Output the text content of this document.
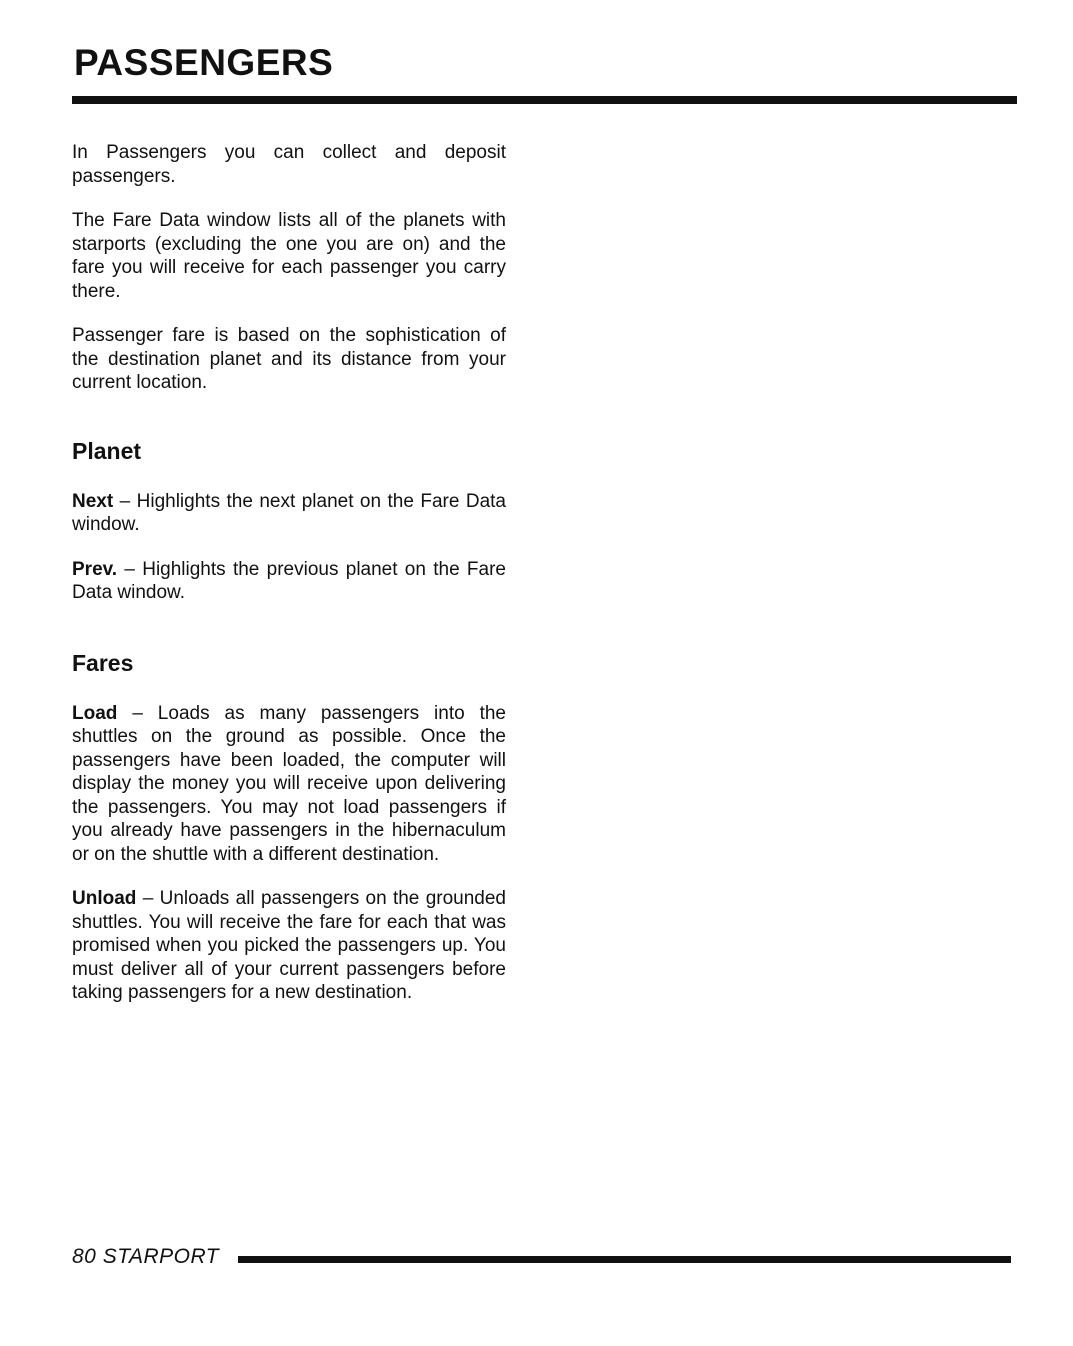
PASSENGERS

In Passengers you can collect and deposit passengers.

The Fare Data window lists all of the planets with starports (excluding the one you are on) and the fare you will receive for each passenger you carry there.

Passenger fare is based on the sophistication of the destination planet and its distance from your current location.

Planet

Next – Highlights the next planet on the Fare Data window.

Prev. – Highlights the previous planet on the Fare Data window.

Fares

Load – Loads as many passengers into the shuttles on the ground as possible. Once the passengers have been loaded, the computer will display the money you will receive upon delivering the passengers. You may not load passengers if you already have passengers in the hibernaculum or on the shuttle with a different destination.

Unload – Unloads all passengers on the grounded shuttles. You will receive the fare for each that was promised when you picked the passengers up. You must deliver all of your current passengers before taking passengers for a new destination.

80 STARPORT
